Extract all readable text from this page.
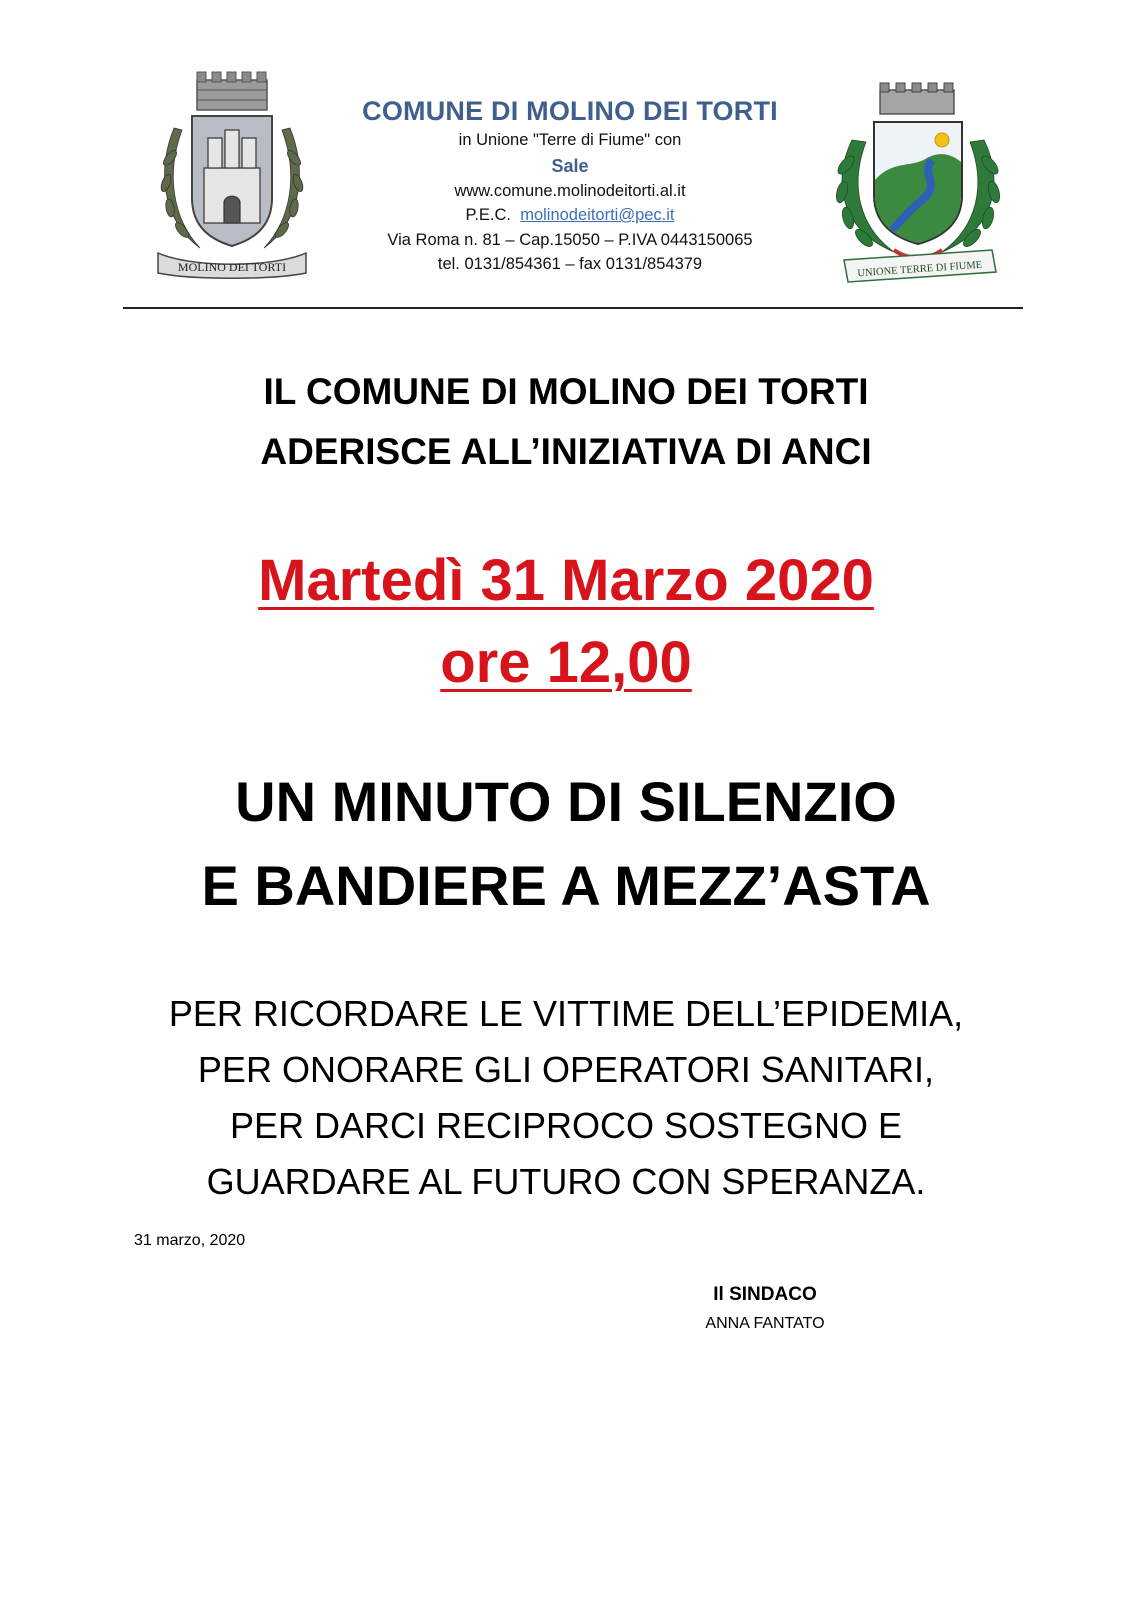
MOLINO DEI TORTI
COMUNE DI MOLINO DEI TORTI
in Unione "Terre di Fiume" con
Sale
www.comune.molinodeitorti.al.it
P.E.C. molinodeitorti@pec.it
Via Roma n. 81 – Cap.15050 – P.IVA 0443150065
tel. 0131/854361 – fax 0131/854379	UNIONE TERRE DI FIUME
IL COMUNE DI MOLINO DEI TORTI
ADERISCE ALL’INIZIATIVA DI ANCI
Martedì 31 Marzo 2020
ore 12,00
UN MINUTO DI SILENZIO
E BANDIERE A MEZZ’ASTA
PER RICORDARE LE VITTIME DELL’EPIDEMIA,
PER ONORARE GLI OPERATORI SANITARI,
PER DARCI RECIPROCO SOSTEGNO E
GUARDARE AL FUTURO CON SPERANZA.
31 marzo, 2020
Il SINDACO
ANNA FANTATO
